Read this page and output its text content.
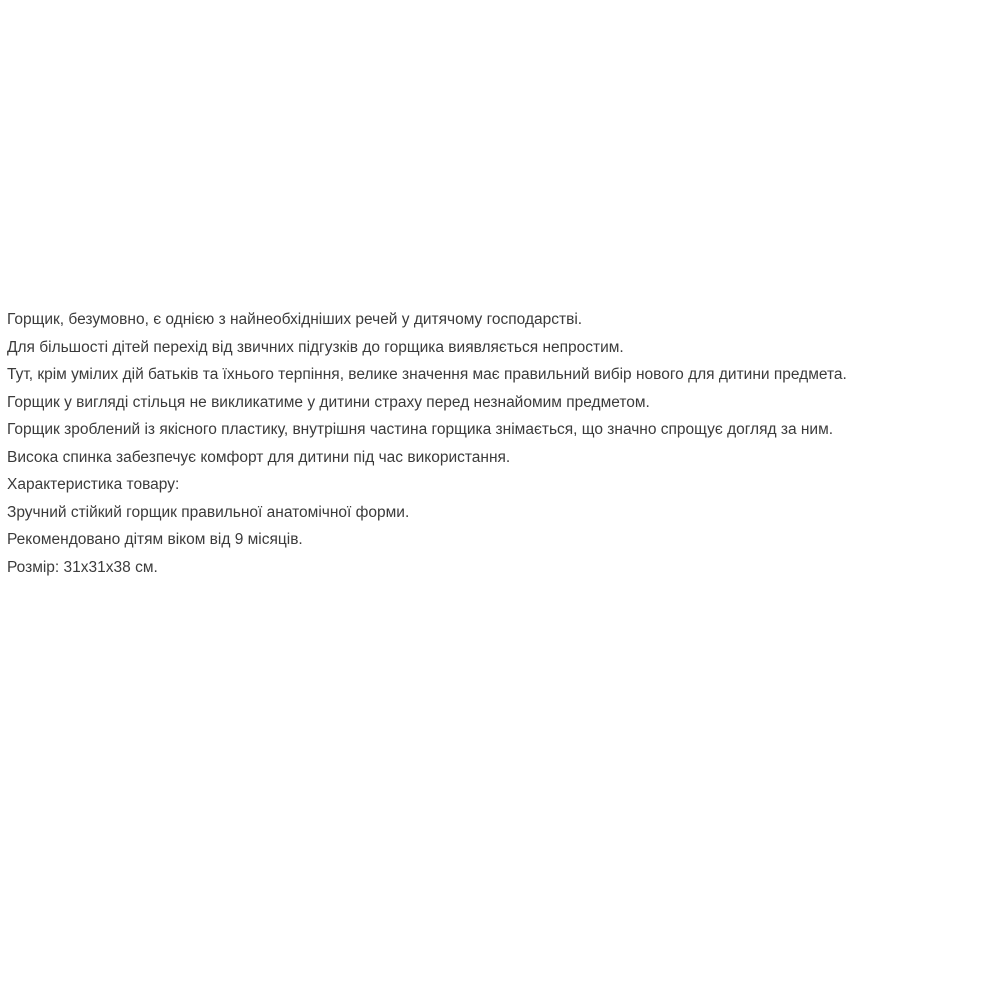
Горщик, безумовно, є однією з найнеобхідніших речей у дитячому господарстві.
Для більшості дітей перехід від звичних підгузків до горщика виявляється непростим.
Тут, крім умілих дій батьків та їхнього терпіння, велике значення має правильний вибір нового для дитини предмета.
Горщик у вигляді стільця не викликатиме у дитини страху перед незнайомим предметом.
Горщик зроблений із якісного пластику, внутрішня частина горщика знімається, що значно спрощує догляд за ним.
Висока спинка забезпечує комфорт для дитини під час використання.
Характеристика товару:
Зручний стійкий горщик правильної анатомічної форми.
Рекомендовано дітям віком від 9 місяців.
Розмір: 31x31x38 см.
